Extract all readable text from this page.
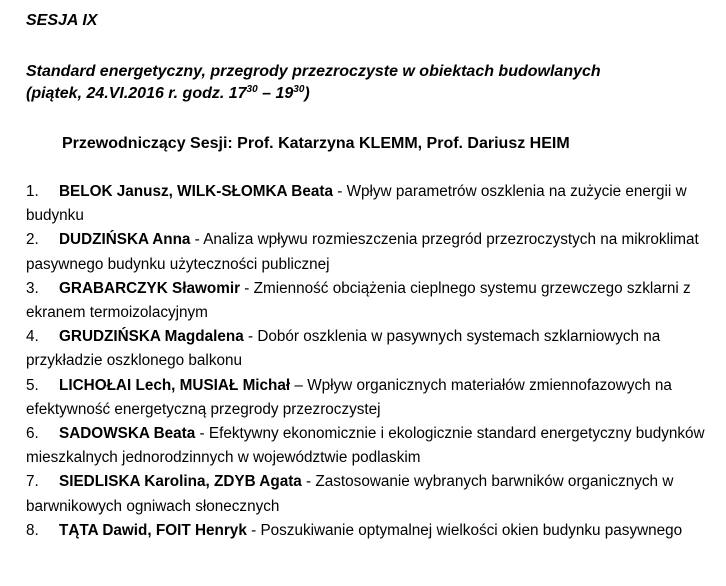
SESJA IX
Standard energetyczny, przegrody przezroczyste w obiektach budowlanych
(piątek, 24.VI.2016 r. godz. $17^{30} - 19^{30}$)
Przewodniczący Sesji: Prof. Katarzyna KLEMM, Prof. Dariusz HEIM
1. BELOK Janusz, WILK-SŁOMKA Beata - Wpływ parametrów oszklenia na zużycie energii w budynku
2. DUDZIŃSKA Anna - Analiza wpływu rozmieszczenia przegród przezroczystych na mikroklimat pasywnego budynku użyteczności publicznej
3. GRABARCZYK Sławomir - Zmienność obciążenia cieplnego systemu grzewczego szklarni z ekranem termoizolacyjnym
4. GRUDZIŃSKA Magdalena - Dobór oszklenia w pasywnych systemach szklarniowych na przykładzie oszklonego balkonu
5. LICHOŁAI Lech, MUSIAŁ Michał – Wpływ organicznych materiałów zmiennofazowych na efektywność energetyczną przegrody przezroczystej
6. SADOWSKA Beata - Efektywny ekonomicznie i ekologicznie standard energetyczny budynków mieszkalnych jednorodzinnych w województwie podlaskim
7. SIEDLISKA Karolina, ZDYB Agata - Zastosowanie wybranych barwników organicznych w barwnikowych ogniwach słonecznych
8. TĄTA Dawid, FOIT Henryk - Poszukiwanie optymalnej wielkości okien budynku pasywnego
